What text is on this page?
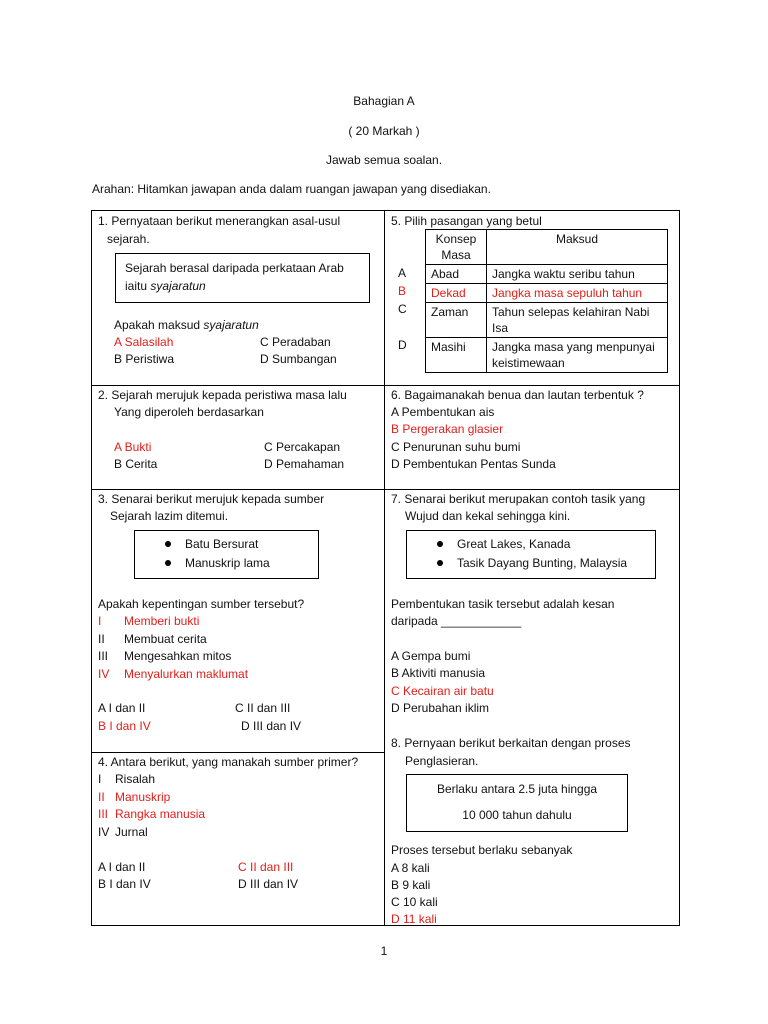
Bahagian A
( 20 Markah )
Jawab semua soalan.
Arahan: Hitamkan jawapan anda dalam ruangan jawapan yang disediakan.
1. Pernyataan berikut menerangkan asal-usul
sejarah.
Sejarah berasal daripada perkataan Arab
iaitu syajaratun
Apakah maksud syajaratun
A Salasilah
B Peristiwa
C Peradaban
D Sumbangan
5. Pilih pasangan yang betul
Konsep
Masa	Maksud
Abad	Jangka waktu seribu tahun
Dekad	Jangka masa sepuluh tahun
Zaman	Tahun selepas kelahiran Nabi
Isa
Masihi	Jangka masa yang menpunyai
keistimewaan
A
B
C
D
2. Sejarah merujuk kepada peristiwa masa lalu
Yang diperoleh berdasarkan
A Bukti
B Cerita
C Percakapan
D Pemahaman
6. Bagaimanakah benua dan lautan terbentuk ?
A Pembentukan ais
B Pergerakan glasier
C Penurunan suhu bumi
D Pembentukan Pentas Sunda
3. Senarai berikut merujuk kepada sumber
Sejarah lazim ditemui.
Batu Bersurat
Manuskrip lama
Apakah kepentingan sumber tersebut?
I Memberi bukti
II Membuat cerita
III Mengesahkan mitos
IV Menyalurkan maklumat
A I dan II
B I dan IV
C II dan III
D III dan IV
7. Senarai berikut merupakan contoh tasik yang
Wujud dan kekal sehingga kini.
Great Lakes, Kanada
Tasik Dayang Bunting, Malaysia
Pembentukan tasik tersebut adalah kesan
daripada ____________
A Gempa bumi
B Aktiviti manusia
C Kecairan air batu
D Perubahan iklim
8. Pernyaan berikut berkaitan dengan proses
Penglasieran.
Berlaku antara 2.5 juta hingga
10 000 tahun dahulu
Proses tersebut berlaku sebanyak
A 8 kali
B 9 kali
C 10 kali
D 11 kali
4. Antara berikut, yang manakah sumber primer?
I Risalah
II Manuskrip
III Rangka manusia
IV Jurnal
A I dan II
B I dan IV
C II dan III
D III dan IV
1
